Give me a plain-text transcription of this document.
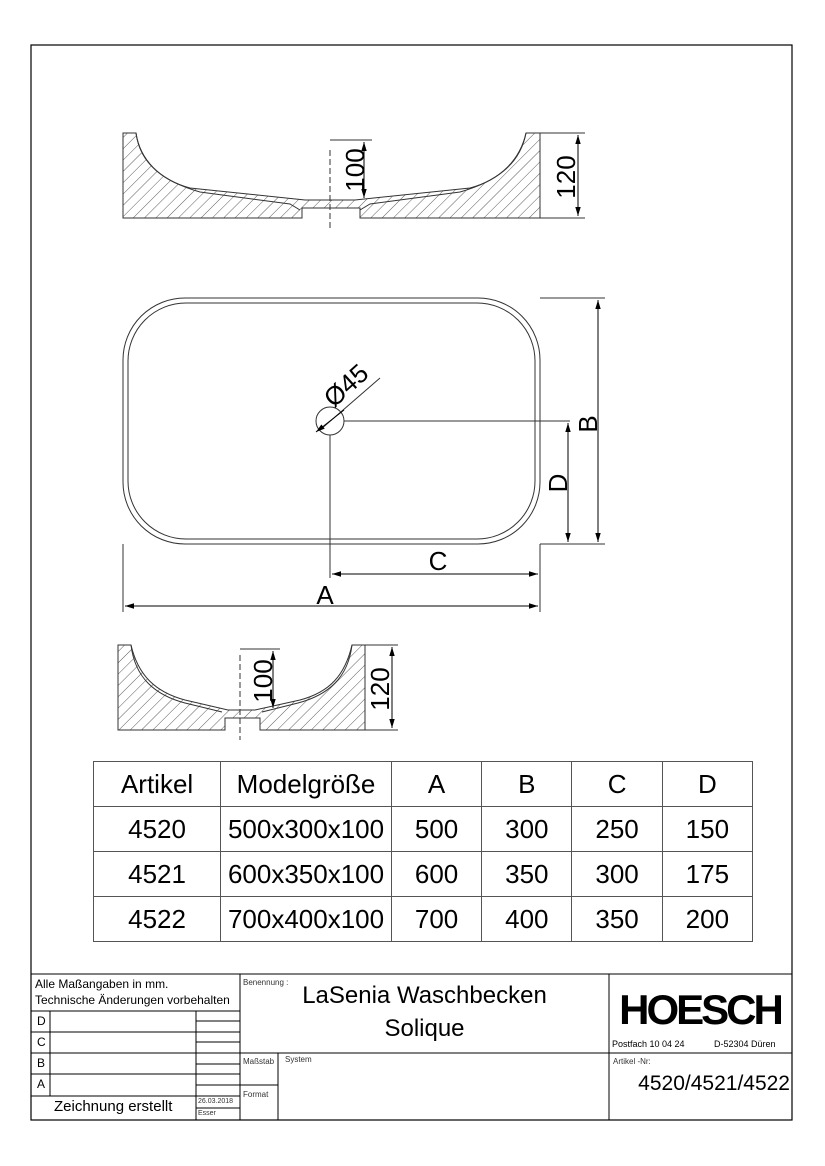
100	120
Ø45
B
D
C
A
100	120
Artikel	Modelgröße	A	B	C	D
4520	500x300x100	500	300	250	150
4521	600x350x100	600	350	300	175
4522	700x400x100	700	400	350	200
Alle Maßangaben in mm.
Technische Änderungen vorbehalten
D
C
B
A
Zeichnung erstellt	26.03.2018
Esser
Benennung : LaSenia Waschbecken
Solique
Maßstab System
Format
HOESCH
Postfach 10 04 24	D-52304 Düren
Artikel -Nr:
4520/4521/4522
